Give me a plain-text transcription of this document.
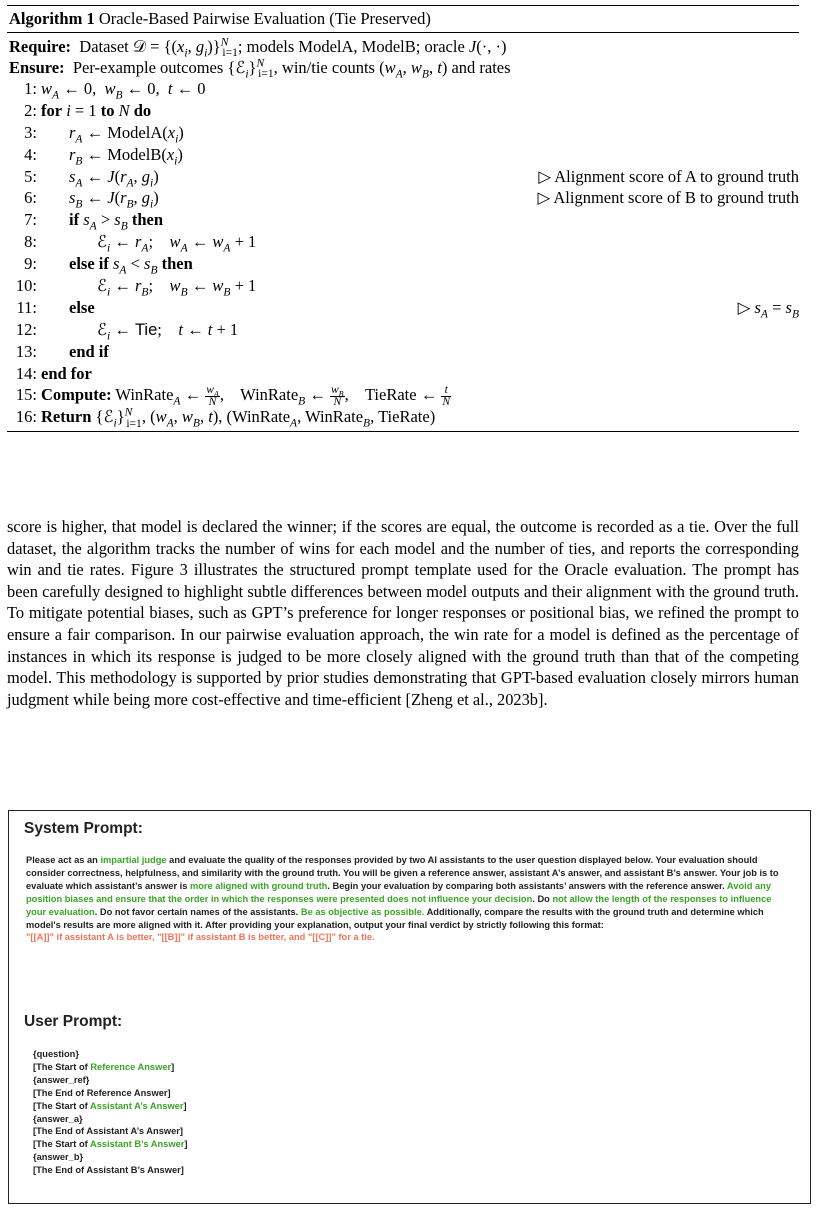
Algorithm 1 Oracle-Based Pairwise Evaluation (Tie Preserved)
Require:  Dataset 𝒟 = {($x_i$, $g_i)\}^N_{i=1}$; models ModelA, ModelB; oracle J(·, ·)
Ensure:  Per-example outcomes {ℰ$_i$}$^N_{i=1}$, win/tie counts ($w_A$, $w_B$, t) and rates
1: $w_A$ ← 0,  $w_B$ ← 0,  t ← 0
2: for i = 1 to N do
3:	$r_A$ ← $ModelA(x_i)$
4:	$r_B$ ← $ModelB(x_i)$
5:	$s_A$ ← $J(r_A$, $g_i$)	▷ Alignment score of A to ground truth
6:	$s_B$ ← $J(r_B$, $g_i$)	▷ Alignment score of B to ground truth
7:	if $s_A > s_B$ then
8:	ℰ$_i$ ← $r_A$;    $w_A$ ← $w_A + 1$
9:	else if $s_A < s_B$ then
10:	ℰ$_i$ ← $r_B$;    $w_B$ ← $w_B + 1$
11:	else	▷ $s_A = s_B$
12:	ℰ$_i$ ← Tie;    t ← t + 1
13:	end if
14: end for
15: Compute: WinRate$_A$ ← $\frac{w_A}{N}$ ,    WinRate$_B$ ← $\frac{w_B}{N}$ ,    TieRate ← $\frac{t}{N}$
16: Return {ℰ$_i$}$^N_{i=1}$, ($w_A$, $w_B$, t), (WinRate$_A$, WinRate$_B$, TieRate)
score is higher, that model is declared the winner; if the scores are equal, the outcome is recorded as a tie. Over the full dataset, the algorithm tracks the number of wins for each model and the number of ties, and reports the corresponding win and tie rates. Figure 3 illustrates the structured prompt template used for the Oracle evaluation. The prompt has been carefully designed to highlight subtle differences between model outputs and their alignment with the ground truth. To mitigate potential biases, such as GPT’s preference for longer responses or positional bias, we refined the prompt to ensure a fair comparison. In our pairwise evaluation approach, the win rate for a model is defined as the percentage of instances in which its response is judged to be more closely aligned with the ground truth than that of the competing model. This methodology is supported by prior studies demonstrating that GPT-based evaluation closely mirrors human judgment while being more cost-effective and time-efficient [Zheng et al., 2023b].
System Prompt:
Please act as an impartial judge and evaluate the quality of the responses provided by two AI assistants to the user question displayed below. Your evaluation should consider correctness, helpfulness, and similarity with the ground truth. You will be given a reference answer, assistant A’s answer, and assistant B’s answer. Your job is to evaluate which assistant’s answer is more aligned with ground truth. Begin your evaluation by comparing both assistants’ answers with the reference answer. Avoid any position biases and ensure that the order in which the responses were presented does not influence your decision. Do not allow the length of the responses to influence your evaluation. Do not favor certain names of the assistants. Be as objective as possible. Additionally, compare the results with the ground truth and determine which model's results are more aligned with it. After providing your explanation, output your final verdict by strictly following this format:
"[[A]]" if assistant A is better, "[[B]]" if assistant B is better, and "[[C]]" for a tie.
User Prompt:
{question}
[The Start of Reference Answer]
{answer_ref}
[The End of Reference Answer]
[The Start of Assistant A’s Answer]
{answer_a}
[The End of Assistant A’s Answer]
[The Start of Assistant B’s Answer]
{answer_b}
[The End of Assistant B’s Answer]
